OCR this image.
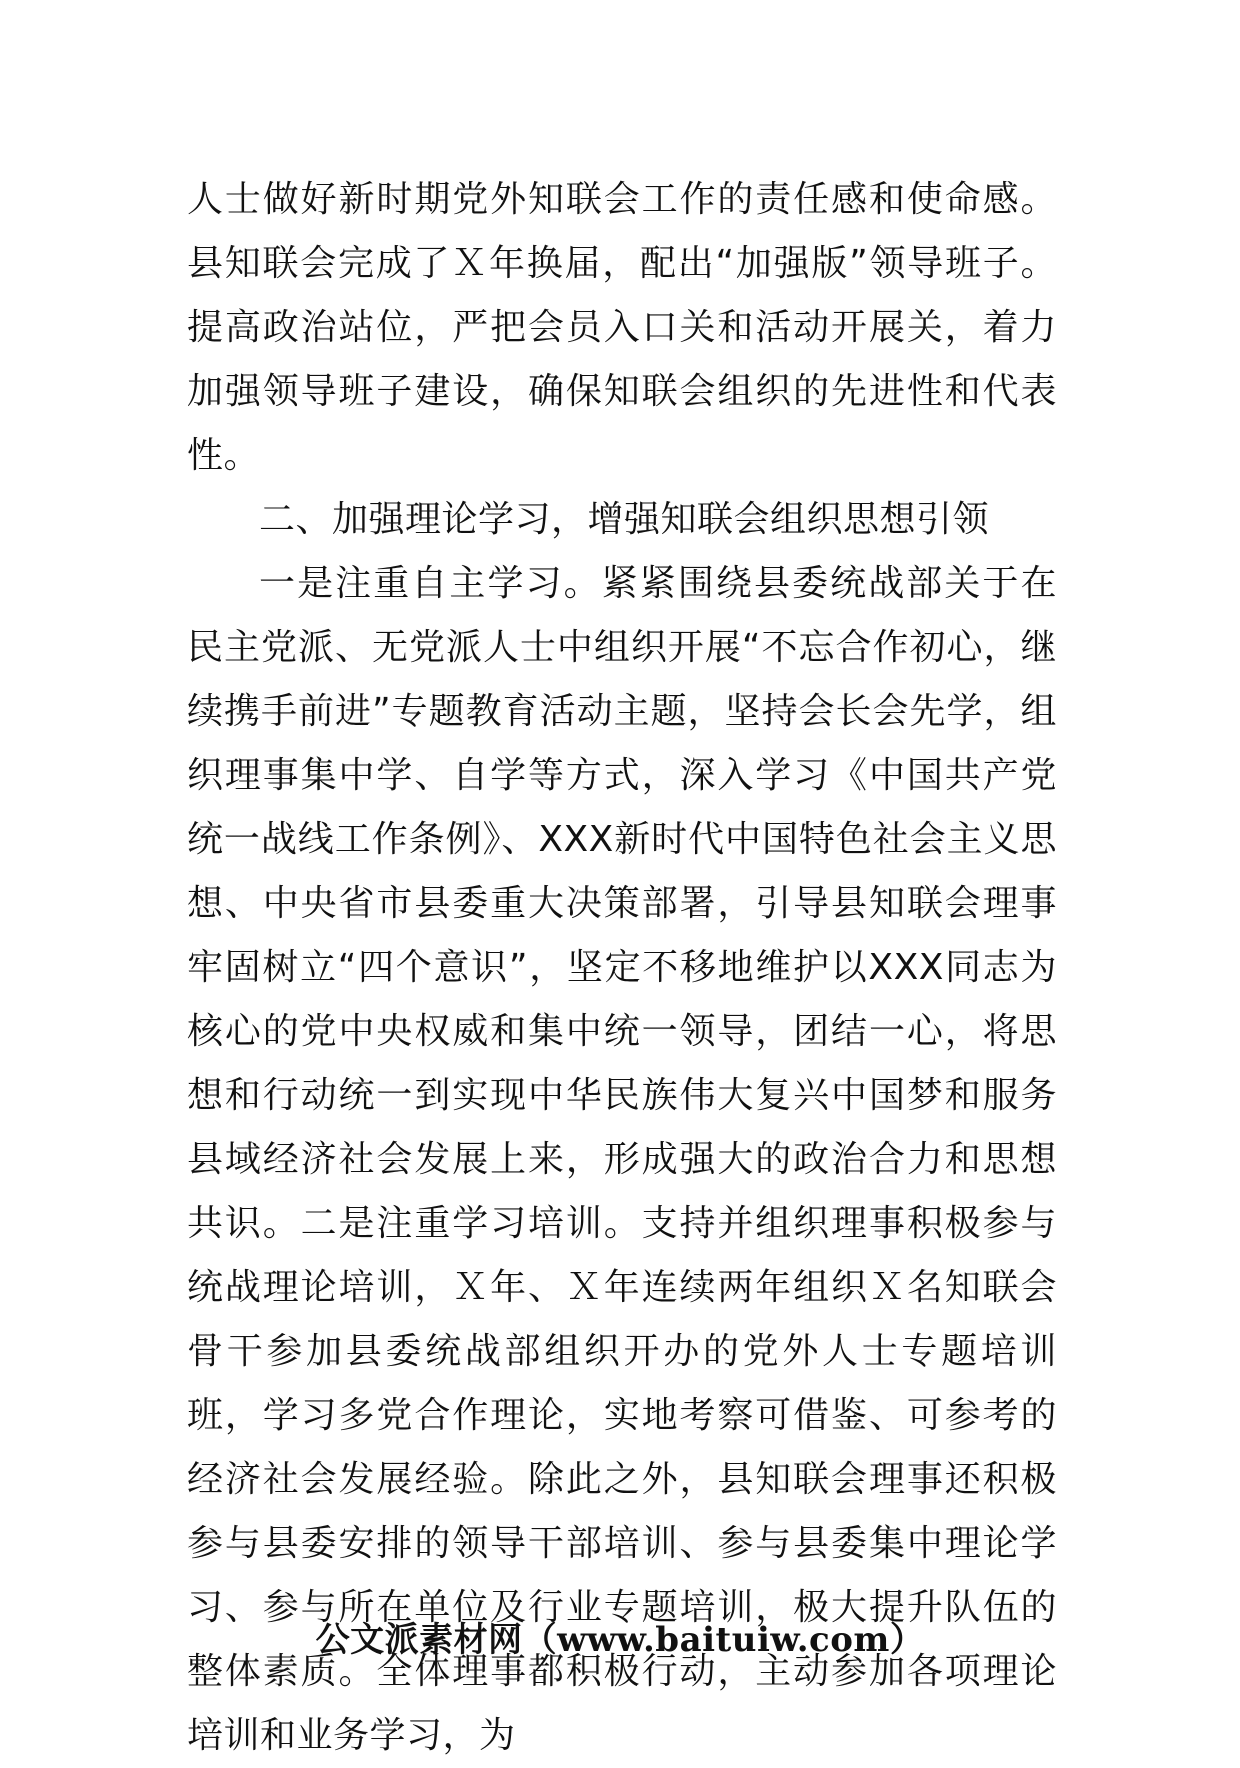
人士做好新时期党外知联会工作的责任感和使命感。县知联会完成了Ｘ年换届，配出“加强版”领导班子。提高政治站位，严把会员入口关和活动开展关，着力加强领导班子建设，确保知联会组织的先进性和代表性。

二、加强理论学习，增强知联会组织思想引领

一是注重自主学习。紧紧围绕县委统战部关于在民主党派、无党派人士中组织开展“不忘合作初心，继续携手前进”专题教育活动主题，坚持会长会先学，组织理事集中学、自学等方式，深入学习《中国共产党统一战线工作条例》、XXX新时代中国特色社会主义思想、中央省市县委重大决策部署，引导县知联会理事牢固树立“四个意识”，坚定不移地维护以XXX同志为核心的党中央权威和集中统一领导，团结一心，将思想和行动统一到实现中华民族伟大复兴中国梦和服务县域经济社会发展上来，形成强大的政治合力和思想共识。二是注重学习培训。支持并组织理事积极参与统战理论培训，Ｘ年、Ｘ年连续两年组织Ｘ名知联会骨干参加县委统战部组织开办的党外人士专题培训班，学习多党合作理论，实地考察可借鉴、可参考的经济社会发展经验。除此之外，县知联会理事还积极参与县委安排的领导干部培训、参与县委集中理论学习、参与所在单位及行业专题培训，极大提升队伍的整体素质。全体理事都积极行动，主动参加各项理论培训和业务学习，为

公文派素材网（www.baituiw.com）
